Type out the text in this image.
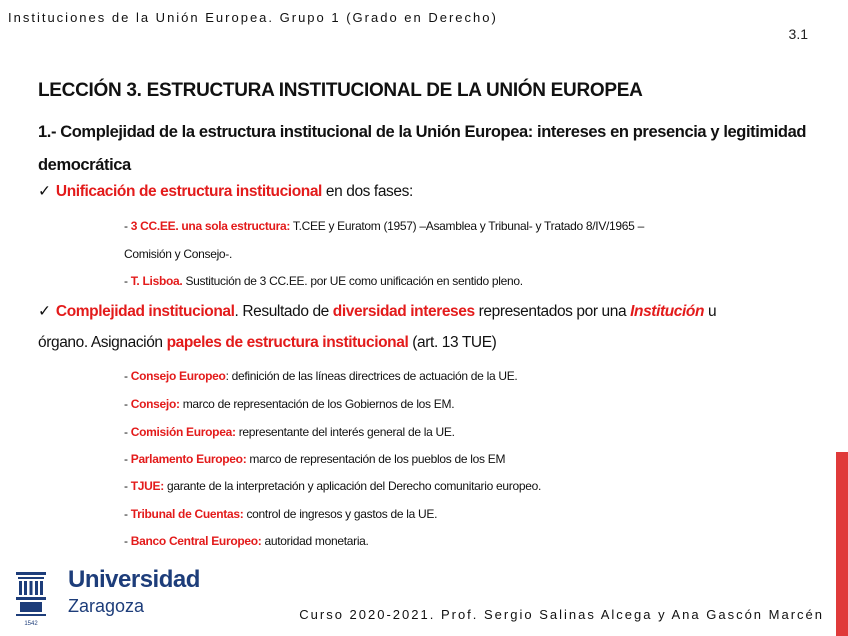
Instituciones de la Unión Europea. Grupo 1 (Grado en Derecho)
3.1
LECCIÓN 3. ESTRUCTURA INSTITUCIONAL DE LA UNIÓN EUROPEA
1.- Complejidad de la estructura institucional de la Unión Europea: intereses en presencia y legitimidad democrática
✓ Unificación de estructura institucional en dos fases:
- 3 CC.EE. una sola estructura: T.CEE y Euratom (1957) –Asamblea y Tribunal- y Tratado 8/IV/1965 –
Comisión y Consejo-.
- T. Lisboa. Sustitución de 3 CC.EE. por UE como unificación en sentido pleno.
✓ Complejidad institucional. Resultado de diversidad intereses representados por una Institución u
órgano. Asignación papeles de estructura institucional (art. 13 TUE)
- Consejo Europeo: definición de las líneas directrices de actuación de la UE.
- Consejo: marco de representación de los Gobiernos de los EM.
- Comisión Europea: representante del interés general de la UE.
- Parlamento Europeo: marco de representación de los pueblos de los EM
- TJUE: garante de la interpretación y aplicación del Derecho comunitario europeo.
- Tribunal de Cuentas: control de ingresos y gastos de la UE.
- Banco Central Europeo: autoridad monetaria.
1542
Universidad
Zaragoza	Curso 2020-2021. Prof. Sergio Salinas Alcega y Ana Gascón Marcén
